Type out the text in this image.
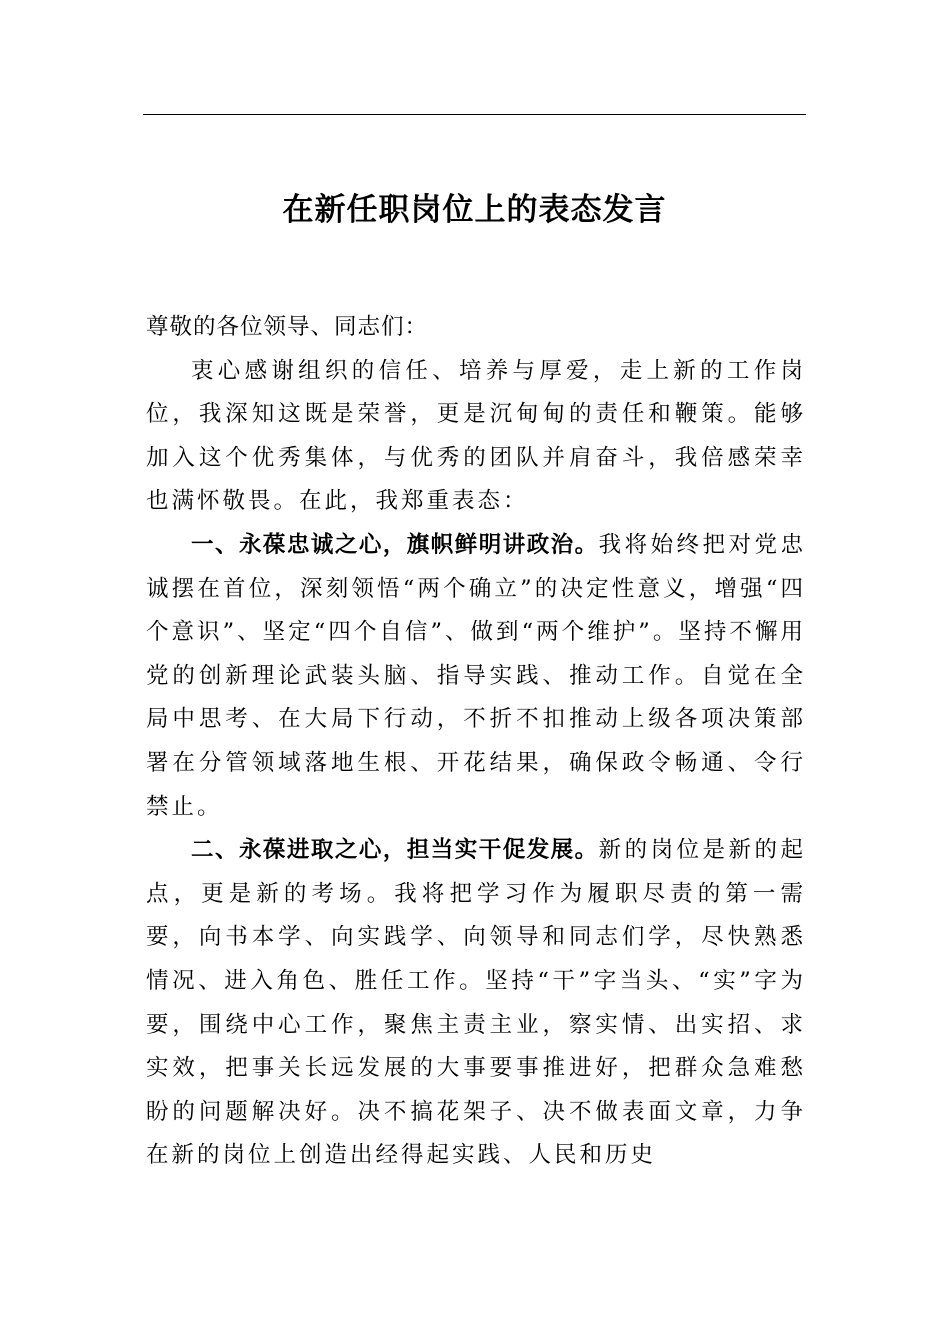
在新任职岗位上的表态发言

尊敬的各位领导、同志们：

衷心感谢组织的信任、培养与厚爱，走上新的工作岗位，我深知这既是荣誉，更是沉甸甸的责任和鞭策。能够加入这个优秀集体，与优秀的团队并肩奋斗，我倍感荣幸也满怀敬畏。在此，我郑重表态：

一、永葆忠诚之心，旗帜鲜明讲政治。我将始终把对党忠诚摆在首位，深刻领悟“两个确立”的决定性意义，增强“四个意识”、坚定“四个自信”、做到“两个维护”。坚持不懈用党的创新理论武装头脑、指导实践、推动工作。自觉在全局中思考、在大局下行动，不折不扣推动上级各项决策部署在分管领域落地生根、开花结果，确保政令畅通、令行禁止。

二、永葆进取之心，担当实干促发展。新的岗位是新的起点，更是新的考场。我将把学习作为履职尽责的第一需要，向书本学、向实践学、向领导和同志们学，尽快熟悉情况、进入角色、胜任工作。坚持“干”字当头、“实”字为要，围绕中心工作，聚焦主责主业，察实情、出实招、求实效，把事关长远发展的大事要事推进好，把群众急难愁盼的问题解决好。决不搞花架子、决不做表面文章，力争在新的岗位上创造出经得起实践、人民和历史
